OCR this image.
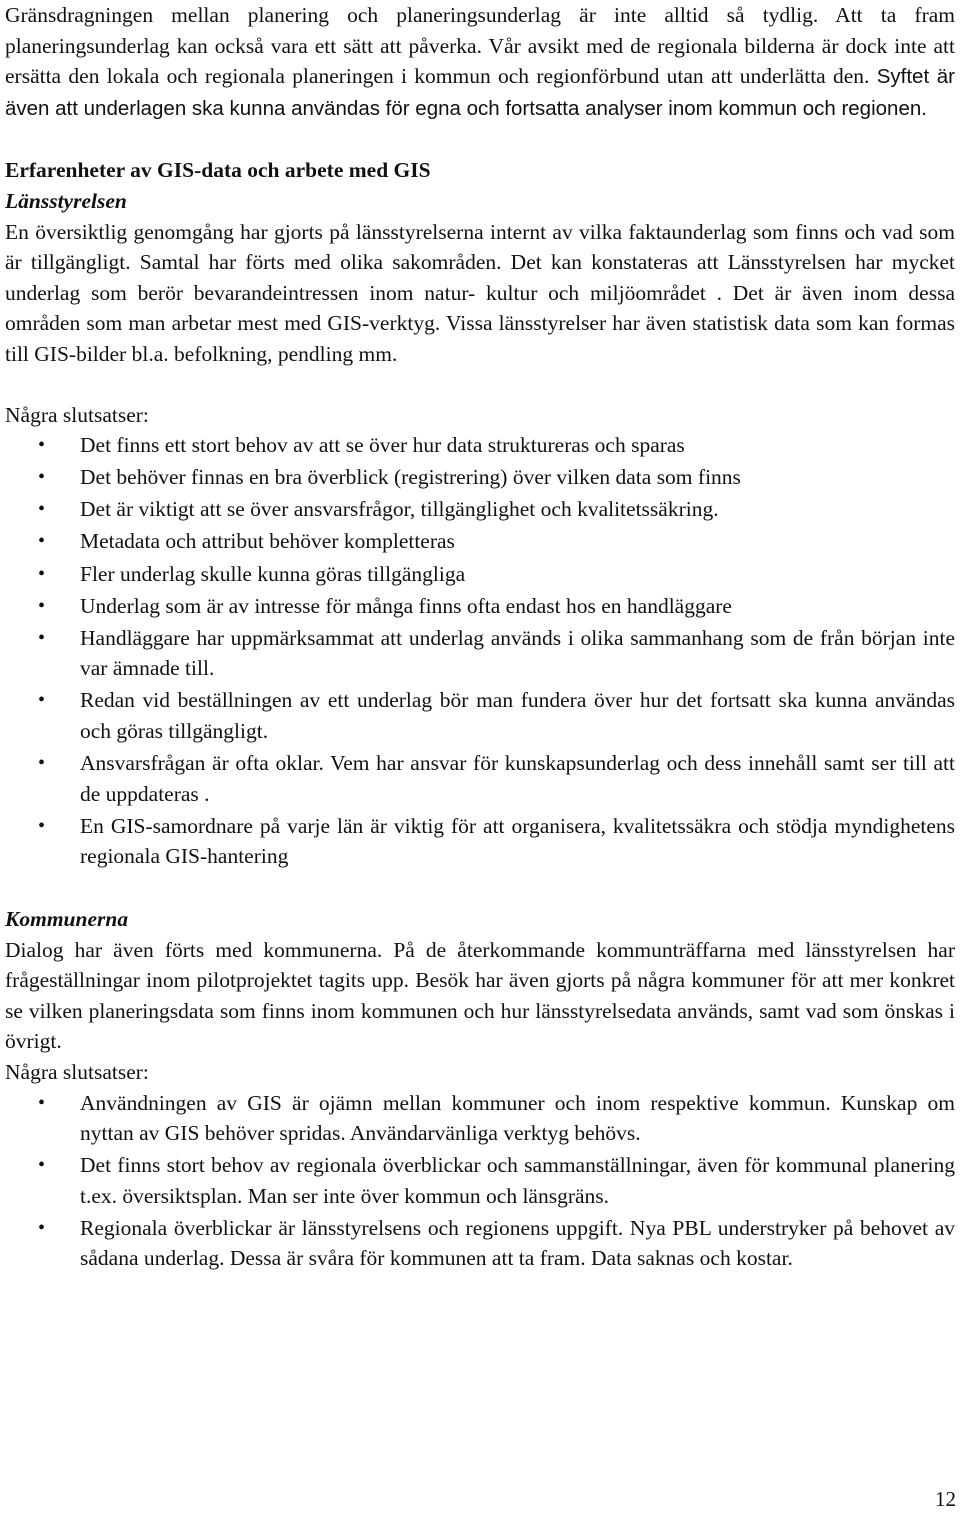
Gränsdragningen mellan planering och planeringsunderlag är inte alltid så tydlig. Att ta fram planeringsunderlag kan också vara ett sätt att påverka. Vår avsikt med de regionala bilderna är dock inte att ersätta den lokala och regionala planeringen i kommun och regionförbund utan att underlätta den. Syftet är även att underlagen ska kunna användas för egna och fortsatta analyser inom kommun och regionen.

Erfarenheter av GIS-data och arbete med GIS

Länsstyrelsen

En översiktlig genomgång har gjorts på länsstyrelserna internt av vilka faktaunderlag som finns och vad som är tillgängligt. Samtal har förts med olika sakområden. Det kan konstateras att Länsstyrelsen har mycket underlag som berör bevarandeintressen inom natur- kultur och miljöområdet . Det är även inom dessa områden som man arbetar mest med GIS-verktyg. Vissa länsstyrelser har även statistisk data som kan formas till GIS-bilder bl.a. befolkning, pendling mm.

Några slutsatser:

• Det finns ett stort behov av att se över hur data struktureras och sparas
• Det behöver finnas en bra överblick (registrering) över vilken data som finns
• Det är viktigt att se över ansvarsfrågor, tillgänglighet och kvalitetssäkring.
• Metadata och attribut behöver kompletteras
• Fler underlag skulle kunna göras tillgängliga
• Underlag som är av intresse för många finns ofta endast hos en handläggare
• Handläggare har uppmärksammat att underlag används i olika sammanhang som de från början inte var ämnade till.
• Redan vid beställningen av ett underlag bör man fundera över hur det fortsatt ska kunna användas och göras tillgängligt.
• Ansvarsfrågan är ofta oklar. Vem har ansvar för kunskapsunderlag och dess innehåll samt ser till att de uppdateras .
• En GIS-samordnare på varje län är viktig för att organisera, kvalitetssäkra och stödja myndighetens regionala GIS-hantering

Kommunerna

Dialog har även förts med kommunerna. På de återkommande kommunträffarna med länsstyrelsen har frågeställningar inom pilotprojektet tagits upp. Besök har även gjorts på några kommuner för att mer konkret se vilken planeringsdata som finns inom kommunen och hur länsstyrelsedata används, samt vad som önskas i övrigt.

Några slutsatser:

• Användningen av GIS är ojämn mellan kommuner och inom respektive kommun. Kunskap om nyttan av GIS behöver spridas. Användarvänliga verktyg behövs.
• Det finns stort behov av regionala överblickar och sammanställningar, även för kommunal planering t.ex. översiktsplan. Man ser inte över kommun och länsgräns.
• Regionala överblickar är länsstyrelsens och regionens uppgift. Nya PBL understryker på behovet av sådana underlag. Dessa är svåra för kommunen att ta fram. Data saknas och kostar.
12
